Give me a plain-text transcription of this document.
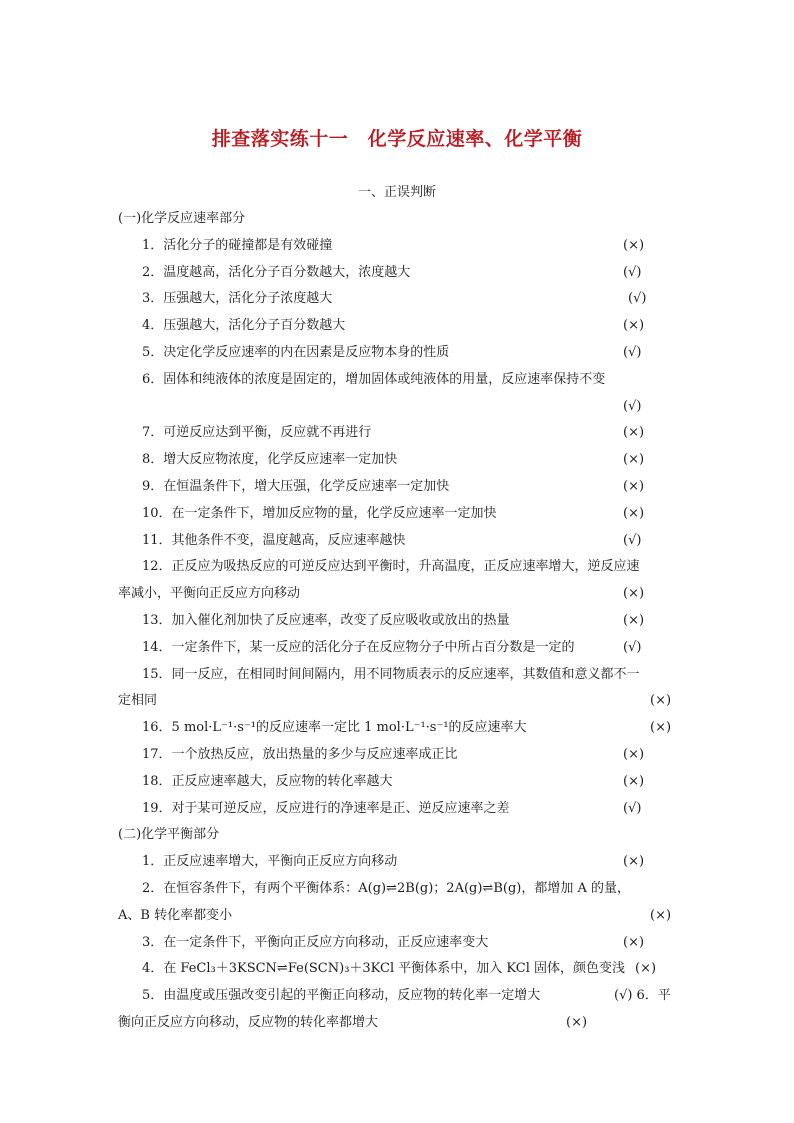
排查落实练十一　化学反应速率、化学平衡
一、正误判断
(一)化学反应速率部分
1．活化分子的碰撞都是有效碰撞	(×)
2．温度越高，活化分子百分数越大，浓度越大	(√)
3．压强越大，活化分子浓度越大	(√)
4．压强越大，活化分子百分数越大	(×)
5．决定化学反应速率的内在因素是反应物本身的性质	(√)
6．固体和纯液体的浓度是固定的，增加固体或纯液体的用量，反应速率保持不变
(√)
7．可逆反应达到平衡，反应就不再进行	(×)
8．增大反应物浓度，化学反应速率一定加快	(×)
9．在恒温条件下，增大压强，化学反应速率一定加快	(×)
10．在一定条件下，增加反应物的量，化学反应速率一定加快	(×)
11．其他条件不变，温度越高，反应速率越快	(√)
12．正反应为吸热反应的可逆反应达到平衡时，升高温度，正反应速率增大，逆反应速
率减小，平衡向正反应方向移动	(×)
13．加入催化剂加快了反应速率，改变了反应吸收或放出的热量	(×)
14．一定条件下，某一反应的活化分子在反应物分子中所占百分数是一定的	(√)
15．同一反应，在相同时间间隔内，用不同物质表示的反应速率，其数值和意义都不一
定相同	(×)
16．5 mol·L⁻¹·s⁻¹的反应速率一定比 1 mol·L⁻¹·s⁻¹的反应速率大	(×)
17．一个放热反应，放出热量的多少与反应速率成正比	(×)
18．正反应速率越大，反应物的转化率越大	(×)
19．对于某可逆反应，反应进行的净速率是正、逆反应速率之差	(√)
(二)化学平衡部分
1．正反应速率增大，平衡向正反应方向移动	(×)
2．在恒容条件下，有两个平衡体系：A(g)⇌2B(g)；2A(g)⇌B(g)，都增加 A 的量，
A、B 转化率都变小	(×)
3．在一定条件下，平衡向正反应方向移动，正反应速率变大	(×)
4．在 FeCl₃＋3KSCN⇌Fe(SCN)₃＋3KCl 平衡体系中，加入 KCl 固体，颜色变浅 (×)
5．由温度或压强改变引起的平衡正向移动，反应物的转化率一定增大	(√) 6．平
衡向正反应方向移动，反应物的转化率都增大	(×)
